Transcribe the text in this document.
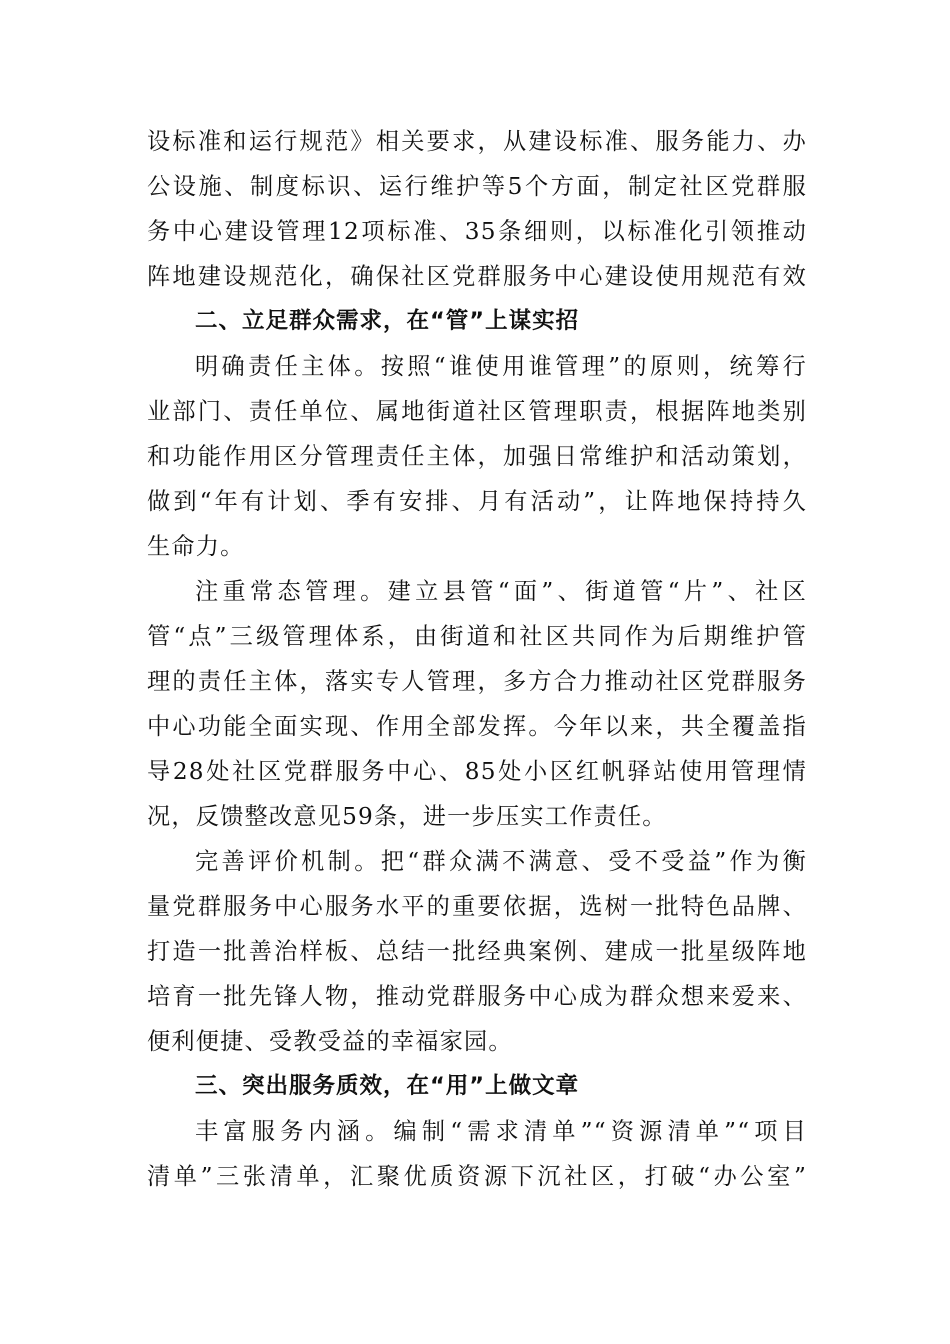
设标准和运行规范》相关要求，从建设标准、服务能力、办
公设施、制度标识、运行维护等5个方面，制定社区党群服
务中心建设管理12项标准、35条细则，以标准化引领推动
阵地建设规范化，确保社区党群服务中心建设使用规范有效
二、立足群众需求，在“管”上谋实招
明确责任主体。按照“谁使用谁管理”的原则，统筹行
业部门、责任单位、属地街道社区管理职责，根据阵地类别
和功能作用区分管理责任主体，加强日常维护和活动策划，
做到“年有计划、季有安排、月有活动”，让阵地保持持久
生命力。
注重常态管理。建立县管“面”、街道管“片”、社区
管“点”三级管理体系，由街道和社区共同作为后期维护管
理的责任主体，落实专人管理，多方合力推动社区党群服务
中心功能全面实现、作用全部发挥。今年以来，共全覆盖指
导28处社区党群服务中心、85处小区红帆驿站使用管理情
况，反馈整改意见59条，进一步压实工作责任。
完善评价机制。把“群众满不满意、受不受益”作为衡
量党群服务中心服务水平的重要依据，选树一批特色品牌、
打造一批善治样板、总结一批经典案例、建成一批星级阵地
培育一批先锋人物，推动党群服务中心成为群众想来爱来、
便利便捷、受教受益的幸福家园。
三、突出服务质效，在“用”上做文章
丰富服务内涵。编制“需求清单”“资源清单”“项目
清单”三张清单，汇聚优质资源下沉社区，打破“办公室”
